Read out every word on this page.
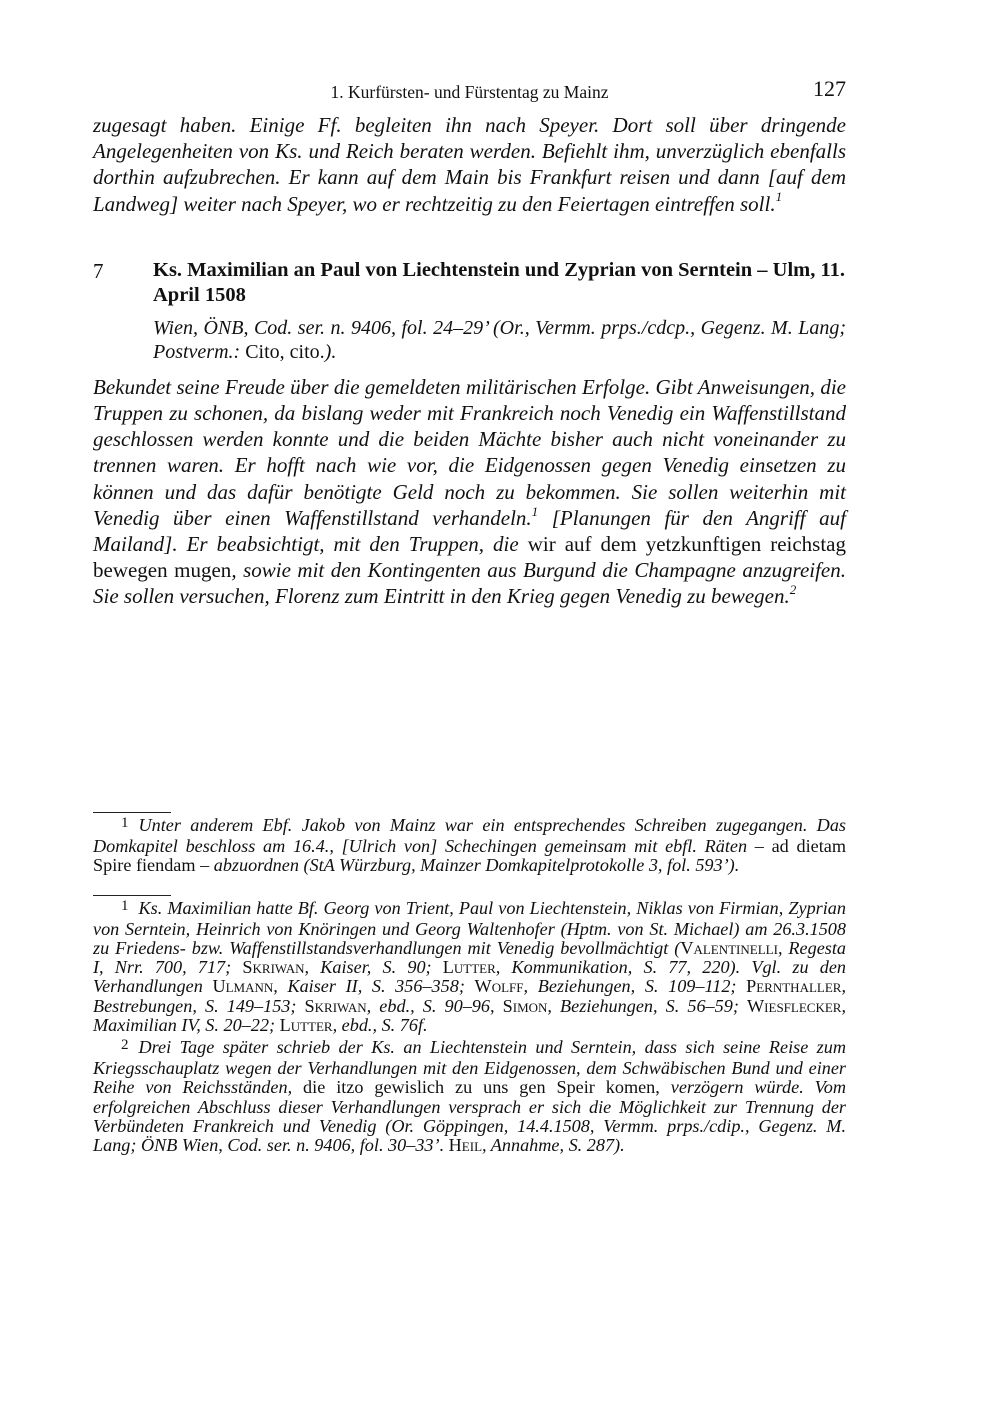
1. Kurfürsten- und Fürstentag zu Mainz	127

zugesagt haben. Einige Ff. begleiten ihn nach Speyer. Dort soll über dringende Angelegenheiten von Ks. und Reich beraten werden. Befiehlt ihm, unverzüglich ebenfalls dorthin aufzubrechen. Er kann auf dem Main bis Frankfurt reisen und dann [auf dem Landweg] weiter nach Speyer, wo er rechtzeitig zu den Feiertagen eintreffen soll.$^1$

7 Ks. Maximilian an Paul von Liechtenstein und Zyprian von Serntein – Ulm, 11. April 1508
Wien, ÖNB, Cod. ser. n. 9406, fol. 24–29’ (Or., Vermm. prps./cdcp., Gegenz. M. Lang; Postverm.: Cito, cito.).

Bekundet seine Freude über die gemeldeten militärischen Erfolge. Gibt Anweisungen, die Truppen zu schonen, da bislang weder mit Frankreich noch Venedig ein Waffenstillstand geschlossen werden konnte und die beiden Mächte bisher auch nicht voneinander zu trennen waren. Er hofft nach wie vor, die Eidgenossen gegen Venedig einsetzen zu können und das dafür benötigte Geld noch zu bekommen. Sie sollen weiterhin mit Venedig über einen Waffenstillstand verhandeln.$^1$ [Planungen für den Angriff auf Mailand]. Er beabsichtigt, mit den Truppen, die wir auf dem yetzkunftigen reichstag bewegen mugen, sowie mit den Kontingenten aus Burgund die Champagne anzugreifen. Sie sollen versuchen, Florenz zum Eintritt in den Krieg gegen Venedig zu bewegen.$^2$

$^1$ Unter anderem Ebf. Jakob von Mainz war ein entsprechendes Schreiben zugegangen. Das Domkapitel beschloss am 16.4., [Ulrich von] Schechingen gemeinsam mit ebfl. Räten – ad dietam Spire fiendam – abzuordnen (StA Würzburg, Mainzer Domkapitelprotokolle 3, fol. 593’).

$^1$ Ks. Maximilian hatte Bf. Georg von Trient, Paul von Liechtenstein, Niklas von Firmian, Zyprian von Serntein, Heinrich von Knöringen und Georg Waltenhofer (Hptm. von St. Michael) am 26.3.1508 zu Friedens- bzw. Waffenstillstandsverhandlungen mit Venedig bevollmächtigt (Valentinelli, Regesta I, Nrr. 700, 717; Skriwan, Kaiser, S. 90; Lutter, Kommunikation, S. 77, 220). Vgl. zu den Verhandlungen Ulmann, Kaiser II, S. 356–358; Wolff, Beziehungen, S. 109–112; Pernthaller, Bestrebungen, S. 149–153; Skriwan, ebd., S. 90–96, Simon, Beziehungen, S. 56–59; Wiesflecker, Maximilian IV, S. 20–22; Lutter, ebd., S. 76f.

$^2$ Drei Tage später schrieb der Ks. an Liechtenstein und Serntein, dass sich seine Reise zum Kriegsschauplatz wegen der Verhandlungen mit den Eidgenossen, dem Schwäbischen Bund und einer Reihe von Reichsständen, die itzo gewislich zu uns gen Speir komen, verzögern würde. Vom erfolgreichen Abschluss dieser Verhandlungen versprach er sich die Möglichkeit zur Trennung der Verbündeten Frankreich und Venedig (Or. Göppingen, 14.4.1508, Vermm. prps./cdip., Gegenz. M. Lang; ÖNB Wien, Cod. ser. n. 9406, fol. 30–33’. Heil, Annahme, S. 287).
